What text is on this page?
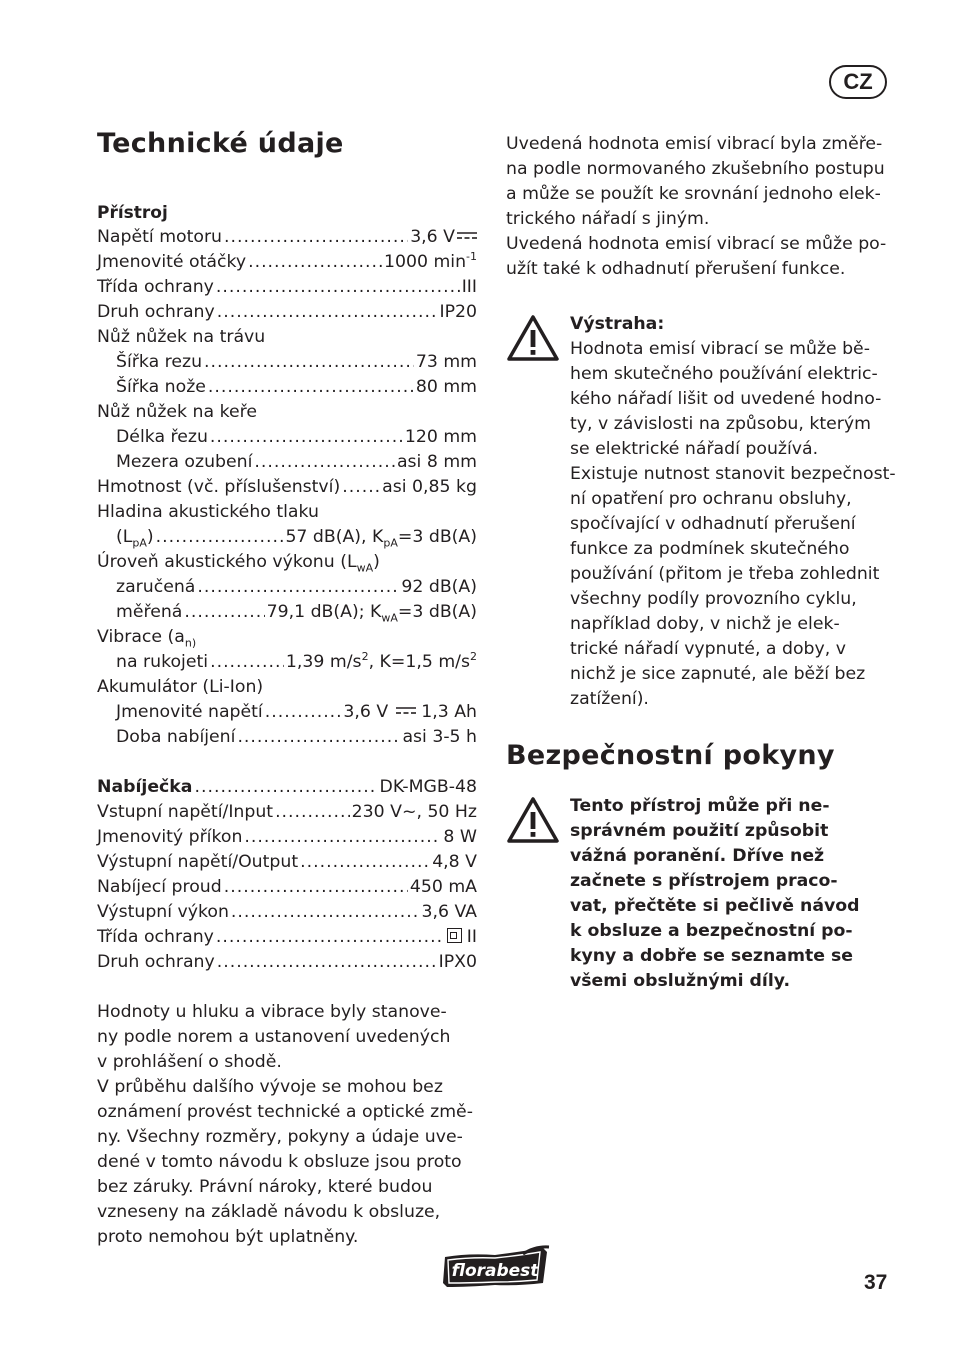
CZ
Technické údaje
Přístroj
Napětí motoru .....	3,6 V
Jmenovité otáčky .....	1000 $\min^{-1}$
Třída ochrany .....	III
Druh ochrany .....	IP20
Nůž nůžek na trávu
Šířka rezu .....	73 mm
Šířka nože .....	80 mm
Nůž nůžek na keře
Délka řezu .....	120 mm
Mezera ozubení .....	asi 8 mm
Hmotnost (vč. příslušenství) ..... asi 0,85 kg
Hladina akustického tlaku
$(L_{pA})$ .....	57 dB(A), $K_{pA}=3$ dB(A)
Úroveň akustického výkonu $(L_{wA})$
zaručená .....	92 dB(A)
měřená .....	79,1 dB(A); $K_{wA}=3$ dB(A)
Vibrace ($a_{n)}$
na rukojeti .....	1,39 $m/s^2$, K=1,5 $m/s^2$
Akumulátor (Li-Ion)
Jmenovité napětí .....	3,6 V 1,3 Ah
Doba nabíjení .....	asi 3-5 h
Nabíječka .....	DK-MGB-48
Vstupní napětí/Input .....	230 V~, 50 Hz
Jmenovitý příkon .....	8 W
Výstupní napětí/Output .....	4,8 V
Nabíjecí proud .....	450 mA
Výstupní výkon .....	3,6 VA
Třída ochrany .....	II
Druh ochrany .....	IPX0
Hodnoty u hluku a vibrace byly stanove-
ny podle norem a ustanovení uvedených
v prohlášení o shodě.
V průběhu dalšího vývoje se mohou bez
oznámení provést technické a optické změ-
ny. Všechny rozměry, pokyny a údaje uve-
dené v tomto návodu k obsluze jsou proto
bez záruky. Právní nároky, které budou
vzneseny na základě návodu k obsluze,
proto nemohou být uplatněny.
Uvedená hodnota emisí vibrací byla změře-
na podle normovaného zkušebního postupu
a může se použít ke srovnání jednoho elek-
trického nářadí s jiným.
Uvedená hodnota emisí vibrací se může po-
užít také k odhadnutí přerušení funkce.
Výstraha:
Hodnota emisí vibrací se může bě-
hem skutečného používání elektric-
kého nářadí lišit od uvedené hodno-
ty, v závislosti na způsobu, kterým
se elektrické nářadí používá.
Existuje nutnost stanovit bezpečnost-
ní opatření pro ochranu obsluhy,
spočívající v odhadnutí přerušení
funkce za podmínek skutečného
používání (přitom je třeba zohlednit
všechny podíly provozního cyklu,
například doby, v nichž je elek-
trické nářadí vypnuté, a doby, v
nichž je sice zapnuté, ale běží bez
zatížení).
Bezpečnostní pokyny
Tento přístroj může při ne-
správném použití způsobit
vážná poranění. Dříve než
začnete s přístrojem praco-
vat, přečtěte si pečlivě návod
k obsluze a bezpečnostní po-
kyny a dobře se seznamte se
všemi obslužnými díly.
florabest	37
